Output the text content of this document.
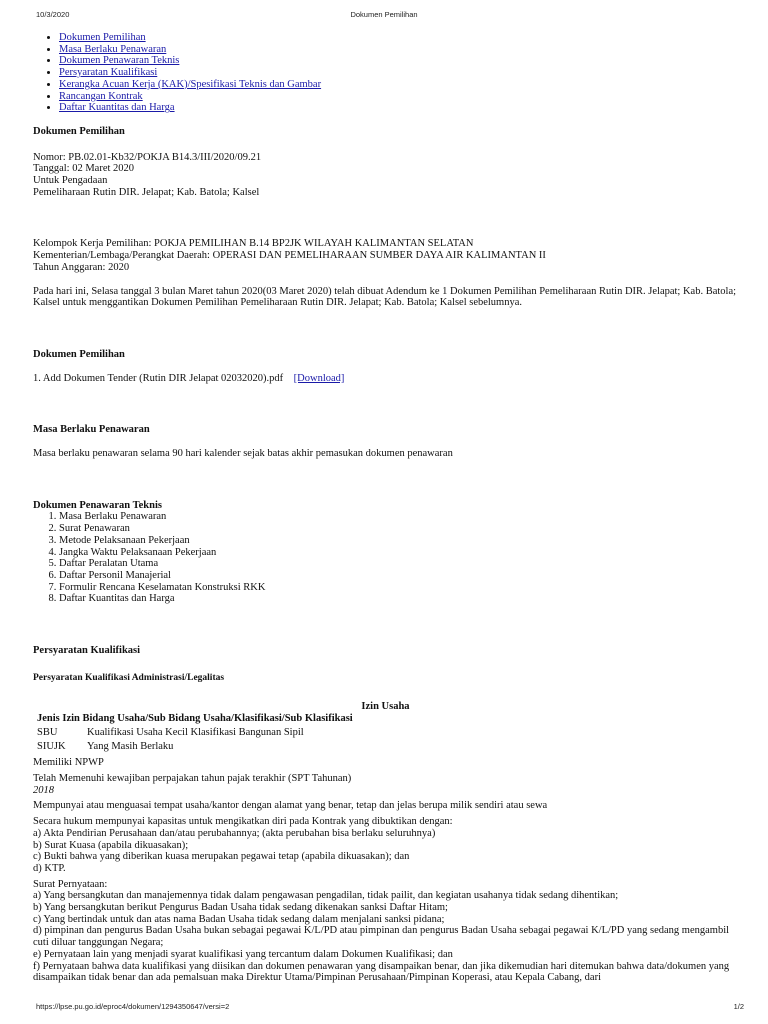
10/3/2020	Dokumen Pemilihan
• Dokumen Pemilihan
• Masa Berlaku Penawaran
• Dokumen Penawaran Teknis
• Persyaratan Kualifikasi
• Kerangka Acuan Kerja (KAK)/Spesifikasi Teknis dan Gambar
• Rancangan Kontrak
• Daftar Kuantitas dan Harga
Dokumen Pemilihan

Nomor: PB.02.01-Kb32/POKJA B14.3/III/2020/09.21

Tanggal: 02 Maret 2020

Untuk Pengadaan

Pemeliharaan Rutin DIR. Jelapat; Kab. Batola; Kalsel

Kelompok Kerja Pemilihan: POKJA PEMILIHAN B.14 BP2JK WILAYAH KALIMANTAN SELATAN

Kementerian/Lembaga/Perangkat Daerah: OPERASI DAN PEMELIHARAAN SUMBER DAYA AIR KALIMANTAN II

Tahun Anggaran: 2020

Pada hari ini, Selasa tanggal 3 bulan Maret tahun 2020(03 Maret 2020) telah dibuat Adendum ke 1 Dokumen Pemilihan Pemeliharaan Rutin DIR. Jelapat; Kab. Batola; Kalsel untuk menggantikan Dokumen Pemilihan Pemeliharaan Rutin DIR. Jelapat; Kab. Batola; Kalsel sebelumnya.

Dokumen Pemilihan

1. Add Dokumen Tender (Rutin DIR Jelapat 02032020).pdf [Download]

Masa Berlaku Penawaran

Masa berlaku penawaran selama 90 hari kalender sejak batas akhir pemasukan dokumen penawaran

Dokumen Penawaran Teknis
1. Masa Berlaku Penawaran
2. Surat Penawaran
3. Metode Pelaksanaan Pekerjaan
4. Jangka Waktu Pelaksanaan Pekerjaan
5. Daftar Peralatan Utama
6. Daftar Personil Manajerial
7. Formulir Rencana Keselamatan Konstruksi RKK
8. Daftar Kuantitas dan Harga
Persyaratan Kualifikasi

Persyaratan Kualifikasi Administrasi/Legalitas

Izin Usaha

Jenis Izin Bidang Usaha/Sub Bidang Usaha/Klasifikasi/Sub Klasifikasi	
SBU	Kualifikasi Usaha Kecil Klasifikasi Bangunan Sipil
SIUJK	Yang Masih Berlaku

Memiliki NPWP

Telah Memenuhi kewajiban perpajakan tahun pajak terakhir (SPT Tahunan)

2018

Mempunyai atau menguasai tempat usaha/kantor dengan alamat yang benar, tetap dan jelas berupa milik sendiri atau sewa

Secara hukum mempunyai kapasitas untuk mengikatkan diri pada Kontrak yang dibuktikan dengan:

a) Akta Pendirian Perusahaan dan/atau perubahannya; (akta perubahan bisa berlaku seluruhnya)

b) Surat Kuasa (apabila dikuasakan);

c) Bukti bahwa yang diberikan kuasa merupakan pegawai tetap (apabila dikuasakan); dan

d) KTP.

Surat Pernyataan:

a) Yang bersangkutan dan manajemennya tidak dalam pengawasan pengadilan, tidak pailit, dan kegiatan usahanya tidak sedang dihentikan;

b) Yang bersangkutan berikut Pengurus Badan Usaha tidak sedang dikenakan sanksi Daftar Hitam;

c) Yang bertindak untuk dan atas nama Badan Usaha tidak sedang dalam menjalani sanksi pidana;

d) pimpinan dan pengurus Badan Usaha bukan sebagai pegawai K/L/PD atau pimpinan dan pengurus Badan Usaha sebagai pegawai K/L/PD yang sedang mengambil cuti diluar tanggungan Negara;

e) Pernyataan lain yang menjadi syarat kualifikasi yang tercantum dalam Dokumen Kualifikasi; dan

f) Pernyataan bahwa data kualifikasi yang diisikan dan dokumen penawaran yang disampaikan benar, dan jika dikemudian hari ditemukan bahwa data/dokumen yang disampaikan tidak benar dan ada pemalsuan maka Direktur Utama/Pimpinan Perusahaan/Pimpinan Koperasi, atau Kepala Cabang, dari

https://lpse.pu.go.id/eproc4/dokumen/1294350647/versi=2	1/2
